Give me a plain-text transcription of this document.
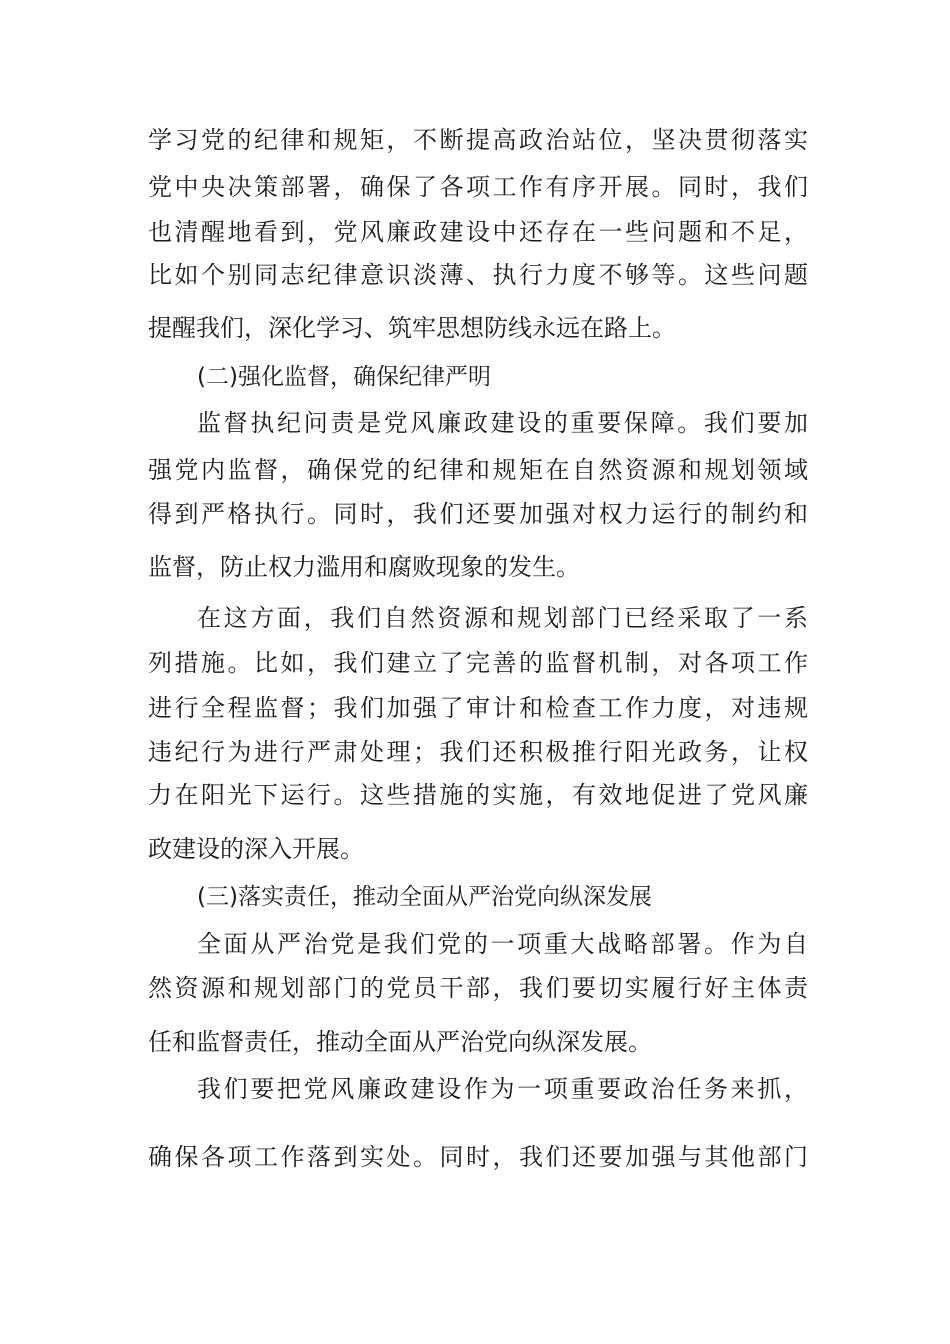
学习党的纪律和规矩，不断提高政治站位，坚决贯彻落实
党中央决策部署，确保了各项工作有序开展。同时，我们
也清醒地看到，党风廉政建设中还存在一些问题和不足，
比如个别同志纪律意识淡薄、执行力度不够等。这些问题
提醒我们，深化学习、筑牢思想防线永远在路上。
(二)强化监督，确保纪律严明
监督执纪问责是党风廉政建设的重要保障。我们要加
强党内监督，确保党的纪律和规矩在自然资源和规划领域
得到严格执行。同时，我们还要加强对权力运行的制约和
监督，防止权力滥用和腐败现象的发生。
在这方面，我们自然资源和规划部门已经采取了一系
列措施。比如，我们建立了完善的监督机制，对各项工作
进行全程监督；我们加强了审计和检查工作力度，对违规
违纪行为进行严肃处理；我们还积极推行阳光政务，让权
力在阳光下运行。这些措施的实施，有效地促进了党风廉
政建设的深入开展。
(三)落实责任，推动全面从严治党向纵深发展
全面从严治党是我们党的一项重大战略部署。作为自
然资源和规划部门的党员干部，我们要切实履行好主体责
任和监督责任，推动全面从严治党向纵深发展。
我们要把党风廉政建设作为一项重要政治任务来抓，
确保各项工作落到实处。同时，我们还要加强与其他部门
